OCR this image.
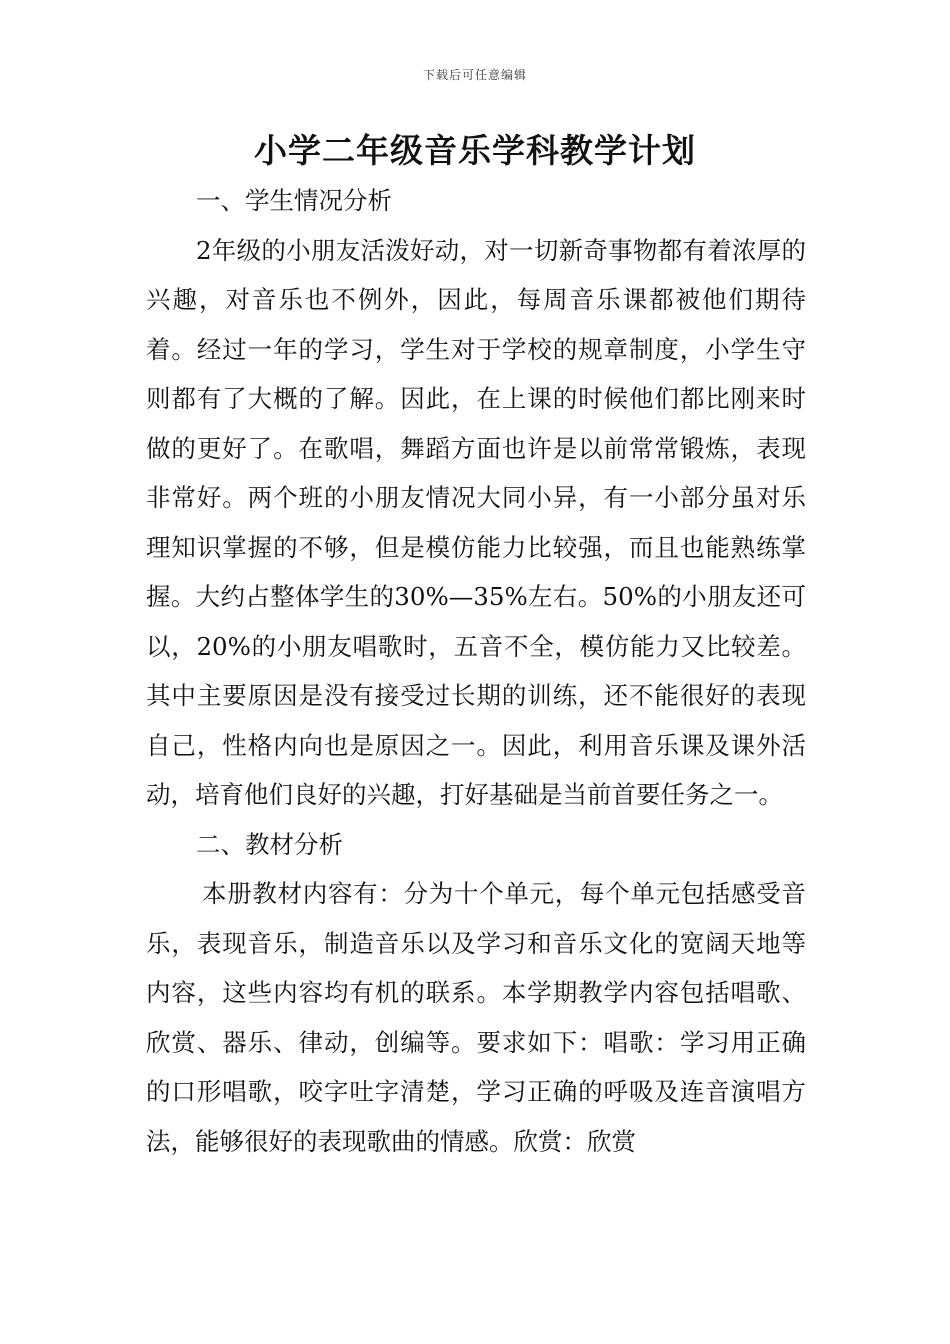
下载后可任意编辑
小学二年级音乐学科教学计划

一、学生情况分析

2年级的小朋友活泼好动，对一切新奇事物都有着浓厚的兴趣，对音乐也不例外，因此，每周音乐课都被他们期待着。经过一年的学习，学生对于学校的规章制度，小学生守则都有了大概的了解。因此，在上课的时候他们都比刚来时做的更好了。在歌唱，舞蹈方面也许是以前常常锻炼，表现非常好。两个班的小朋友情况大同小异，有一小部分虽对乐理知识掌握的不够，但是模仿能力比较强，而且也能熟练掌握。大约占整体学生的30%—35%左右。50%的小朋友还可以，20%的小朋友唱歌时，五音不全，模仿能力又比较差。其中主要原因是没有接受过长期的训练，还不能很好的表现自己，性格内向也是原因之一。因此，利用音乐课及课外活动，培育他们良好的兴趣，打好基础是当前首要任务之一。

二、教材分析

本册教材内容有：分为十个单元，每个单元包括感受音乐，表现音乐，制造音乐以及学习和音乐文化的宽阔天地等内容，这些内容均有机的联系。本学期教学内容包括唱歌、欣赏、器乐、律动，创编等。要求如下：唱歌：学习用正确的口形唱歌，咬字吐字清楚，学习正确的呼吸及连音演唱方法，能够很好的表现歌曲的情感。欣赏：欣赏
